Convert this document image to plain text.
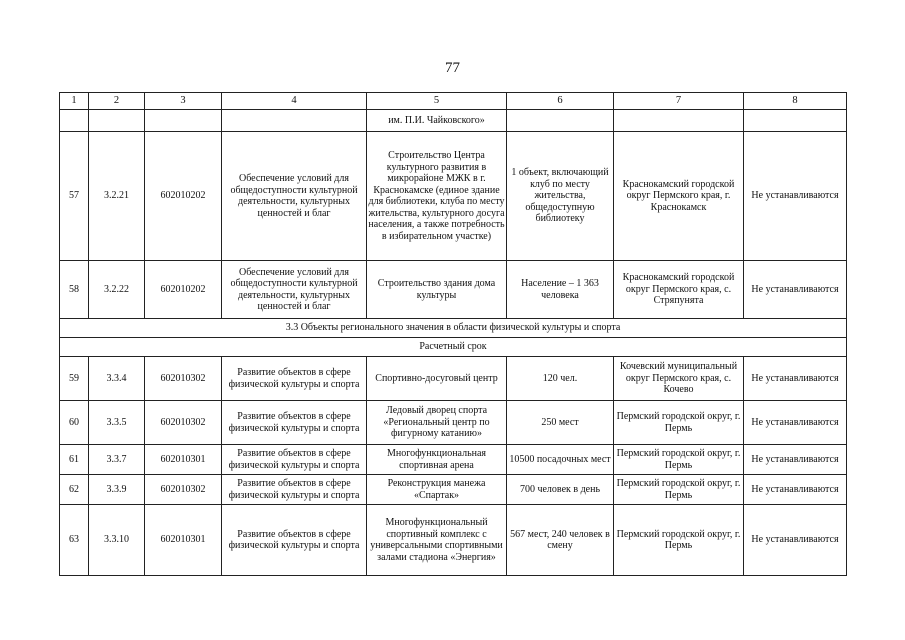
77
1	2	3	4	5	6	7	8
				им. П.И. Чайковского»			
57	3.2.21	602010202	Обеспечение условий для общедоступности культурной деятельности, культурных ценностей и благ	Строительство Центра культурного развития в микрорайоне МЖК в г. Краснокамске (единое здание для библиотеки, клуба по месту жительства, культурного досуга населения, а также потребность в избирательном участке)	1 объект, включающий клуб по месту жительства, общедоступную библиотеку	Краснокамский городской округ Пермского края, г. Краснокамск	Не устанавливаются
58	3.2.22	602010202	Обеспечение условий для общедоступности культурной деятельности, культурных ценностей и благ	Строительство здания дома культуры	Население – 1 363 человека	Краснокамский городской округ Пермского края, с. Стряпунята	Не устанавливаются
3.3 Объекты регионального значения в области физической культуры и спорта							
Расчетный срок							
59	3.3.4	602010302	Развитие объектов в сфере физической культуры и спорта	Спортивно-досуговый центр	120 чел.	Кочевский муниципальный округ Пермского края, с. Кочево	Не устанавливаются
60	3.3.5	602010302	Развитие объектов в сфере физической культуры и спорта	Ледовый дворец спорта «Региональный центр по фигурному катанию»	250 мест	Пермский городской округ, г. Пермь	Не устанавливаются
61	3.3.7	602010301	Развитие объектов в сфере физической культуры и спорта	Многофункциональная спортивная арена	10500 посадочных мест	Пермский городской округ, г. Пермь	Не устанавливаются
62	3.3.9	602010302	Развитие объектов в сфере физической культуры и спорта	Реконструкция манежа «Спартак»	700 человек в день	Пермский городской округ, г. Пермь	Не устанавливаются
63	3.3.10	602010301	Развитие объектов в сфере физической культуры и спорта	Многофункциональный спортивный комплекс с универсальными спортивными залами стадиона «Энергия»	567 мест, 240 человек в смену	Пермский городской округ, г. Пермь	Не устанавливаются
